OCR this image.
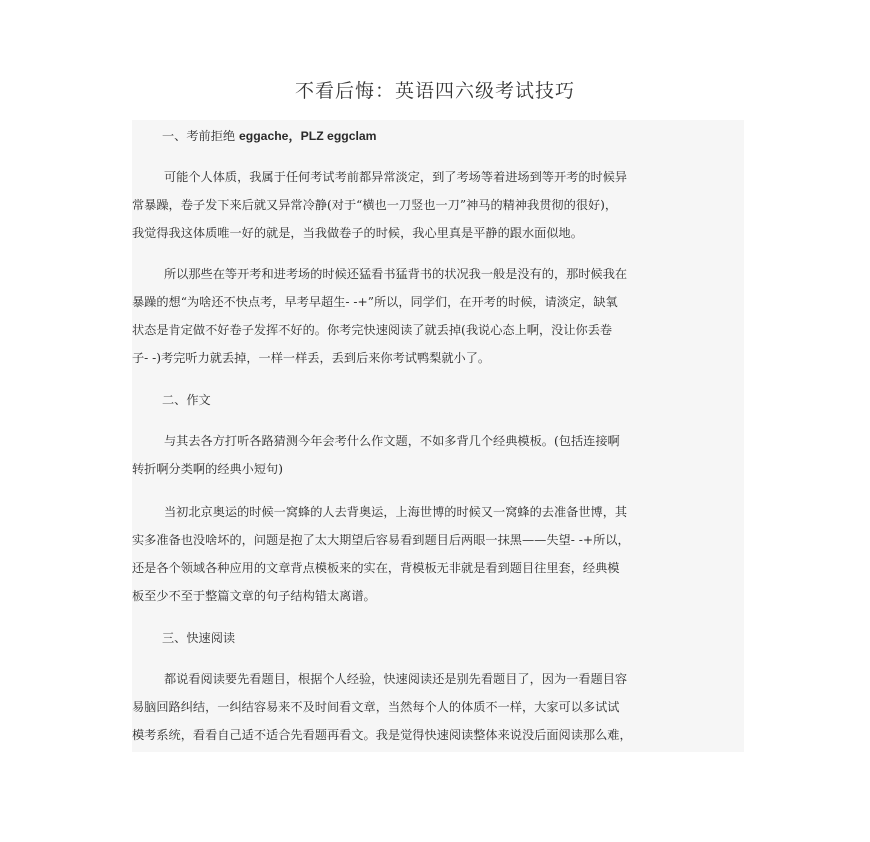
不看后悔：英语四六级考试技巧
一、考前拒绝 eggache，PLZ eggclam
可能个人体质，我属于任何考试考前都异常淡定，到了考场等着进场到等开考的时候异
常暴躁，卷子发下来后就又异常冷静(对于“横也一刀竖也一刀”神马的精神我贯彻的很好)，
我觉得我这体质唯一好的就是，当我做卷子的时候，我心里真是平静的跟水面似地。
所以那些在等开考和进考场的时候还猛看书猛背书的状况我一般是没有的，那时候我在
暴躁的想“为啥还不快点考，早考早超生- -+”所以，同学们，在开考的时候，请淡定，缺氧
状态是肯定做不好卷子发挥不好的。你考完快速阅读了就丢掉(我说心态上啊，没让你丢卷
子- -)考完听力就丢掉，一样一样丢，丢到后来你考试鸭梨就小了。
二、作文
与其去各方打听各路猜测今年会考什么作文题，不如多背几个经典模板。(包括连接啊
转折啊分类啊的经典小短句)
当初北京奥运的时候一窝蜂的人去背奥运，上海世博的时候又一窝蜂的去准备世博，其
实多准备也没啥坏的，问题是抱了太大期望后容易看到题目后两眼一抹黑——失望- -+所以，
还是各个领域各种应用的文章背点模板来的实在，背模板无非就是看到题目往里套，经典模
板至少不至于整篇文章的句子结构错太离谱。
三、快速阅读
都说看阅读要先看题目，根据个人经验，快速阅读还是别先看题目了，因为一看题目容
易脑回路纠结，一纠结容易来不及时间看文章，当然每个人的体质不一样，大家可以多试试
模考系统，看看自己适不适合先看题再看文。我是觉得快速阅读整体来说没后面阅读那么难，
